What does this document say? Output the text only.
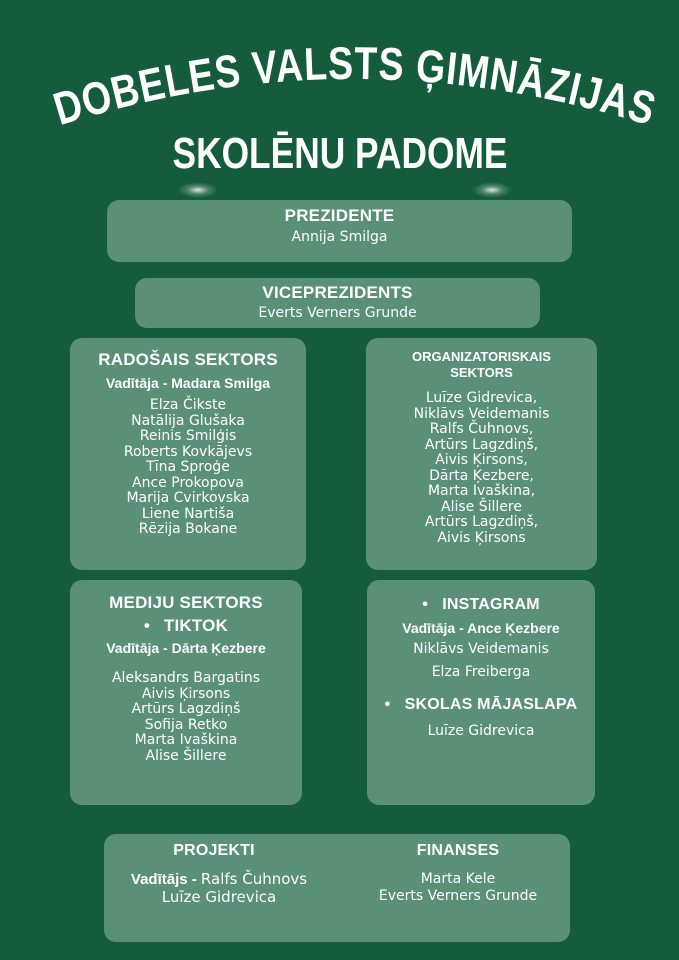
DOBELES VALSTS ĢIMNĀZIJAS
SKOLĒNU PADOME
PREZIDENTE
Annija Smilga
VICEPREZIDENTS
Everts Verners Grunde
RADOŠAIS SEKTORS
Vadītāja - Madara Smilga
Elza Čikste
Natālija Glušaka
Reinis Smilģis
Roberts Kovkājevs
Tīna Sproģe
Ance Prokopova
Marija Cvirkovska
Liene Nartiša
Rēzija Bokane
ORGANIZATORISKAIS
SEKTORS
Luīze Gidrevica,
Niklāvs Veidemanis
Ralfs Čuhnovs,
Artūrs Lagzdiņš,
Aivis Ķirsons,
Dārta Ķezbere,
Marta Ivaškina,
Alise Šillere
Artūrs Lagzdiņš,
Aivis Ķirsons
MEDIJU SEKTORS
• TIKTOK
Vadītāja - Dārta Ķezbere
Aleksandrs Bargatins
Aivis Ķirsons
Artūrs Lagzdiņš
Sofija Retko
Marta Ivaškina
Alise Šillere
• INSTAGRAM
Vadītāja - Ance Ķezbere
Niklāvs Veidemanis
Elza Freiberga
• SKOLAS MĀJASLAPA
Luīze Gidrevica
PROJEKTI
Vadītājs - Ralfs Čuhnovs
Luīze Gidrevica
FINANSES
Marta Kele
Everts Verners Grunde
